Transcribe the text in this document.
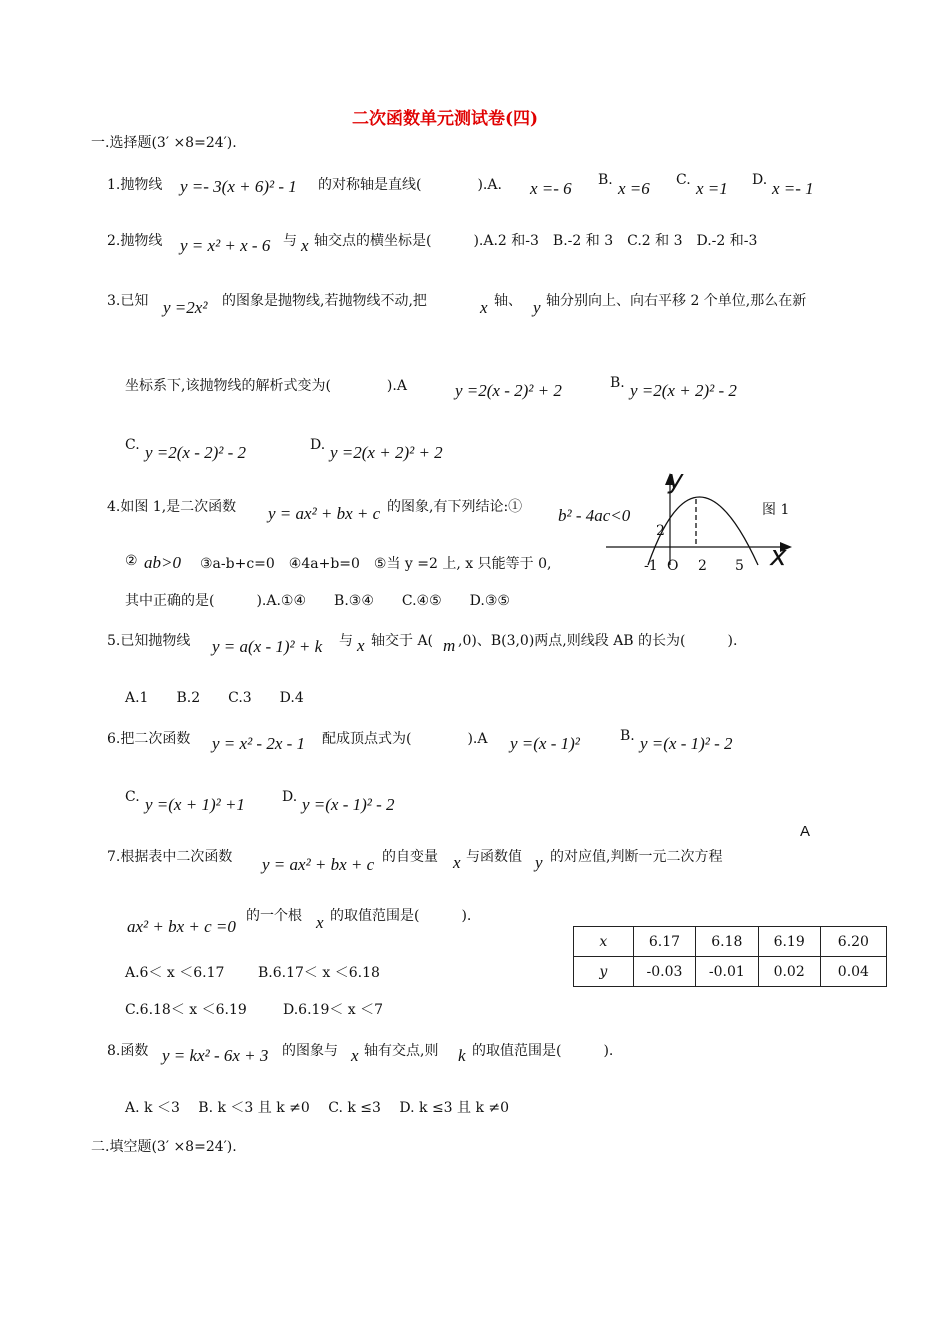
二次函数单元测试卷(四)
一.选择题(3′ ×8=24′).
1.抛物线 y =- 3(x + 6)² - 1 的对称轴是直线(　　　　).A. x =- 6 B. x =6 C. x =1 D. x =- 1
2.抛物线 y = x² + x - 6 与 x 轴交点的横坐标是(　　　).A.2 和-3　B.-2 和 3　C.2 和 3　D.-2 和-3
3.已知 y =2x² 的图象是抛物线,若抛物线不动,把	x 轴、 y 轴分别向上、向右平移 2 个单位,那么在新
坐标系下,该抛物线的解析式变为(　　　　).A	y =2(x - 2)² + 2	B. y =2(x + 2)² - 2
C. y =2(x - 2)² - 2	D. y =2(x + 2)² + 2
4.如图 1,是二次函数 y = ax² + bx + c 的图象,有下列结论:① b² - 4ac<0
② ab>0 ③a-b+c=0　④4a+b=0　⑤当 y =2 上, x 只能等于 0,
其中正确的是(　　　).A.①④　　B.③④　　C.④⑤　　D.③⑤
y
x
-1 O 2 5
2
图 1
5.已知抛物线 y = a(x - 1)² + k 与 x 轴交于 A( m ,0)、B(3,0)两点,则线段 AB 的长为(　　　).
A.1　　B.2　　C.3　　D.4
6.把二次函数 y = x² - 2x - 1 配成顶点式为(　　　　).A y =(x - 1)²	B. y =(x - 1)² - 2
C. y =(x + 1)² +1	D. y =(x - 1)² - 2
A
7.根据表中二次函数 y = ax² + bx + c 的自变量 x 与函数值 y 的对应值,判断一元二次方程
ax² + bx + c =0
的一个根 x 的取值范围是(　　　).
A.6＜ x ＜6.17 B.6.17＜ x ＜6.18
C.6.18＜ x ＜6.19	D.6.19＜ x ＜7
x	6.17	6.18	6.19	6.20
y	-0.03	-0.01	0.02	0.04
8.函数 y = kx² - 6x + 3 的图象与 x 轴有交点,则 k 的取值范围是(　　　).
A. k ＜3　 B. k ＜3 且 k ≠0　 C. k ≤3　 D. k ≤3 且 k ≠0
二.填空题(3′ ×8=24′).
